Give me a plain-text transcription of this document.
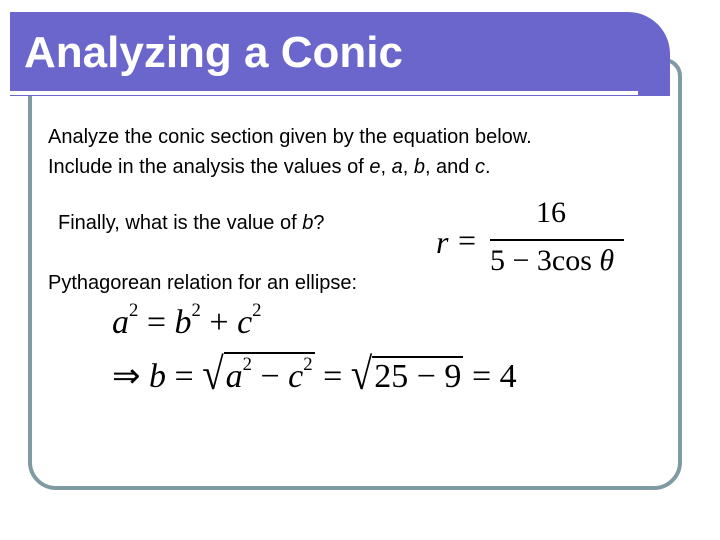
Analyzing a Conic
Analyze the conic section given by the equation below.
Include in the analysis the values of e, a, b, and c.
Finally, what is the value of b?
r =
16
5 − 3cos θ
Pythagorean relation for an ellipse:
$a^2 = b^2 + c^2$
⇒ $b = √a^2 - c^2 = √25 - 9 = 4$
